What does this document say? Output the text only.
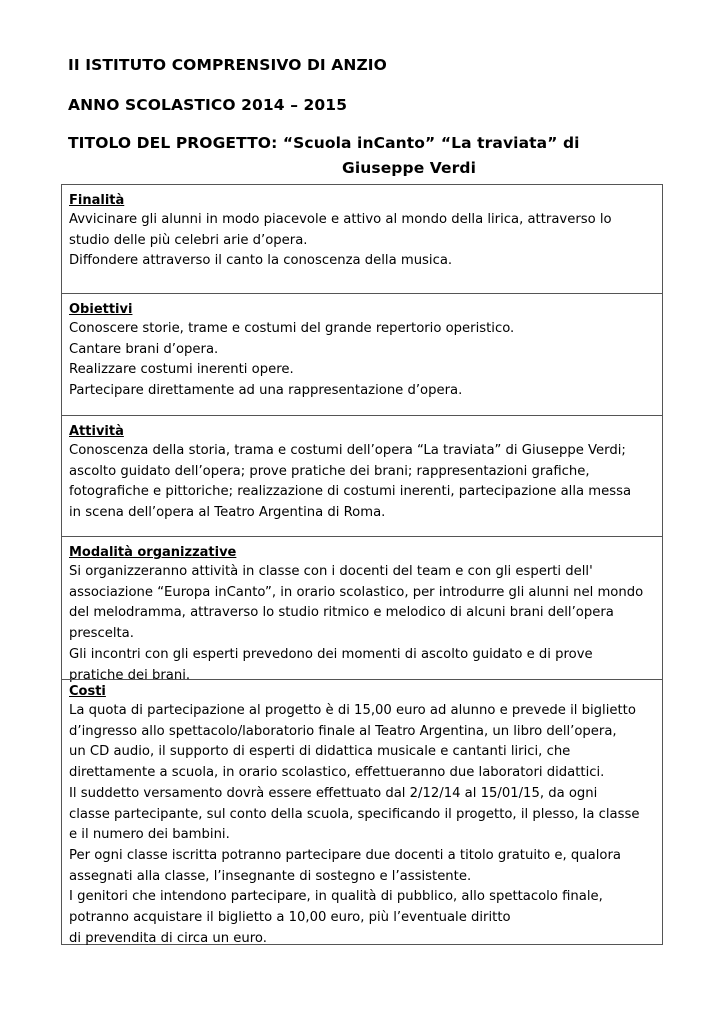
II ISTITUTO COMPRENSIVO DI ANZIO
ANNO SCOLASTICO 2014 – 2015
TITOLO DEL PROGETTO: “Scuola inCanto” “La traviata” di
Giuseppe Verdi
Finalità
Avvicinare gli alunni in modo piacevole e attivo al mondo della lirica, attraverso lo
studio delle più celebri arie d’opera.
Diffondere attraverso il canto la conoscenza della musica.
Obiettivi
Conoscere storie, trame e costumi del grande repertorio operistico.
Cantare brani d’opera.
Realizzare costumi inerenti opere.
Partecipare direttamente ad una rappresentazione d’opera.
Attività
Conoscenza della storia, trama e costumi dell’opera “La traviata” di Giuseppe Verdi;
ascolto guidato dell’opera; prove pratiche dei brani; rappresentazioni grafiche,
fotografiche e pittoriche; realizzazione di costumi inerenti, partecipazione alla messa
in scena dell’opera al Teatro Argentina di Roma.
Modalità organizzative
Si organizzeranno attività in classe con i docenti del team e con gli esperti dell'
associazione “Europa inCanto”, in orario scolastico, per introdurre gli alunni nel mondo
del melodramma, attraverso lo studio ritmico e melodico di alcuni brani dell’opera
prescelta.
Gli incontri con gli esperti prevedono dei momenti di ascolto guidato e di prove
pratiche dei brani.
Costi
La quota di partecipazione al progetto è di 15,00 euro ad alunno e prevede il biglietto
d’ingresso allo spettacolo/laboratorio finale al Teatro Argentina, un libro dell’opera,
un CD audio, il supporto di esperti di didattica musicale e cantanti lirici, che
direttamente a scuola, in orario scolastico, effettueranno due laboratori didattici.
Il suddetto versamento dovrà essere effettuato dal 2/12/14 al 15/01/15, da ogni
classe partecipante, sul conto della scuola, specificando il progetto, il plesso, la classe
e il numero dei bambini.
Per ogni classe iscritta potranno partecipare due docenti a titolo gratuito e, qualora
assegnati alla classe, l’insegnante di sostegno e l’assistente.
I genitori che intendono partecipare, in qualità di pubblico, allo spettacolo finale,
potranno acquistare il biglietto a 10,00 euro, più l’eventuale diritto
di prevendita di circa un euro.
